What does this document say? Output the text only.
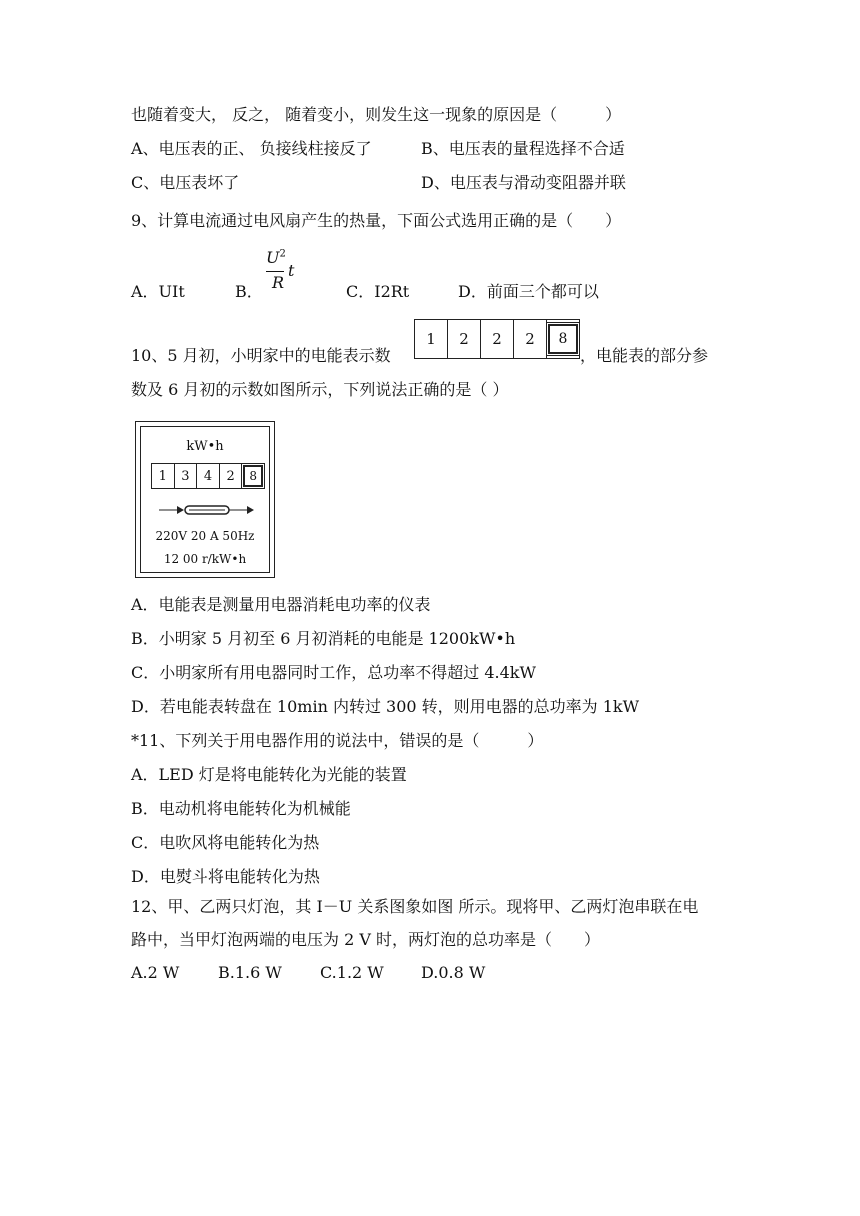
也随着变大， 反之， 随着变小，则发生这一现象的原因是（　　　）
A、电压表的正、 负接线柱接反了	B、电压表的量程选择不合适
C、电压表坏了	D、电压表与滑动变阻器并联
9、计算电流通过电风扇产生的热量，下面公式选用正确的是（　　）
A．UIt	B．
$U^2$
R
t
C．I2Rt	D．前面三个都可以
10、5 月初，小明家中的电能表示数
1	2	2	2	8
，电能表的部分参
数及 6 月初的示数如图所示，下列说法正确的是（ ）
kW•h
1	3	4	2	8
220V 20 A 50Hz
12 00 r/kW•h
A．电能表是测量用电器消耗电功率的仪表
B．小明家 5 月初至 6 月初消耗的电能是 1200kW•h
C．小明家所有用电器同时工作，总功率不得超过 4.4kW
D．若电能表转盘在 10min 内转过 300 转，则用电器的总功率为 1kW
*11、下列关于用电器作用的说法中，错误的是（　　　）
A．LED 灯是将电能转化为光能的装置
B．电动机将电能转化为机械能
C．电吹风将电能转化为热
D．电熨斗将电能转化为热
12、甲、乙两只灯泡，其 I－U 关系图象如图 所示。现将甲、乙两灯泡串联在电
路中，当甲灯泡两端的电压为 2 V 时，两灯泡的总功率是（　　）
A.2 W B.1.6 W C.1.2 W D.0.8 W
